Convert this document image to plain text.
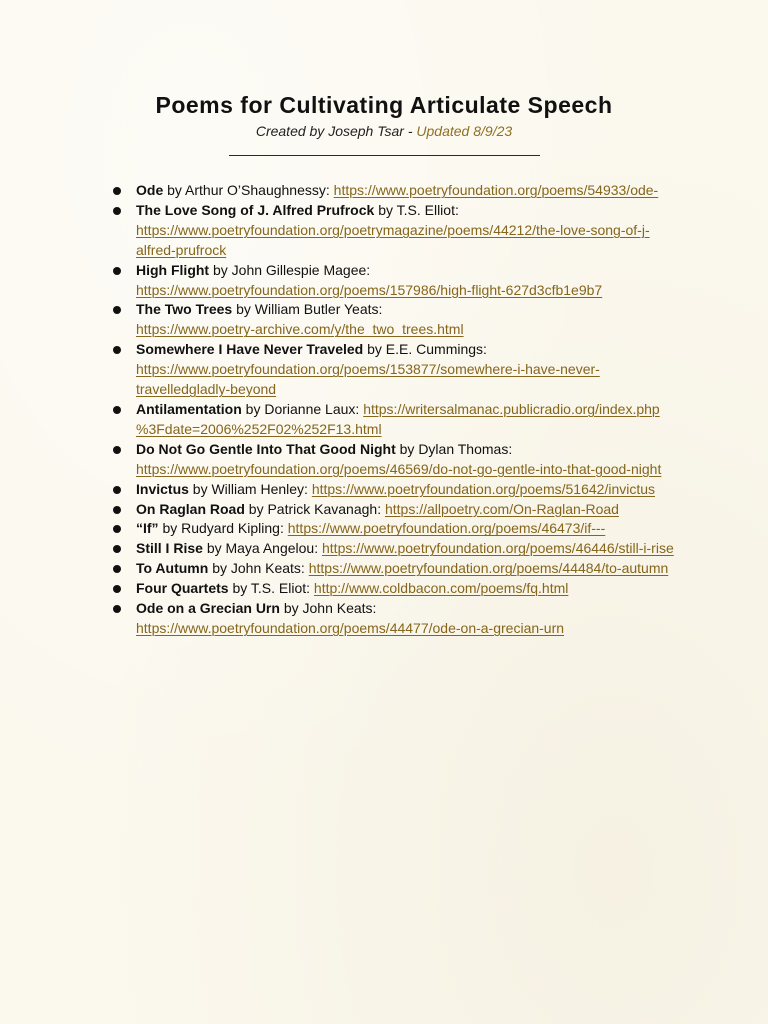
Poems for Cultivating Articulate Speech

Created by Joseph Tsar - Updated 8/9/23

Ode by Arthur O’Shaughnessy: https://www.poetryfoundation.org/poems/54933/ode-
The Love Song of J. Alfred Prufrock by T.S. Elliot:
https://www.poetryfoundation.org/poetrymagazine/poems/44212/the-love-song-of-j-
alfred-prufrock
High Flight by John Gillespie Magee:
https://www.poetryfoundation.org/poems/157986/high-flight-627d3cfb1e9b7
The Two Trees by William Butler Yeats:
https://www.poetry-archive.com/y/the_two_trees.html
Somewhere I Have Never Traveled by E.E. Cummings:
https://www.poetryfoundation.org/poems/153877/somewhere-i-have-never-
travelledgladly-beyond
Antilamentation by Dorianne Laux: https://writersalmanac.publicradio.org/index.php
%3Fdate=2006%252F02%252F13.html
Do Not Go Gentle Into That Good Night by Dylan Thomas:
https://www.poetryfoundation.org/poems/46569/do-not-go-gentle-into-that-good-night
Invictus by William Henley: https://www.poetryfoundation.org/poems/51642/invictus
On Raglan Road by Patrick Kavanagh: https://allpoetry.com/On-Raglan-Road
“If” by Rudyard Kipling: https://www.poetryfoundation.org/poems/46473/if---
Still I Rise by Maya Angelou: https://www.poetryfoundation.org/poems/46446/still-i-rise
To Autumn by John Keats: https://www.poetryfoundation.org/poems/44484/to-autumn
Four Quartets by T.S. Eliot: http://www.coldbacon.com/poems/fq.html
Ode on a Grecian Urn by John Keats:
https://www.poetryfoundation.org/poems/44477/ode-on-a-grecian-urn
